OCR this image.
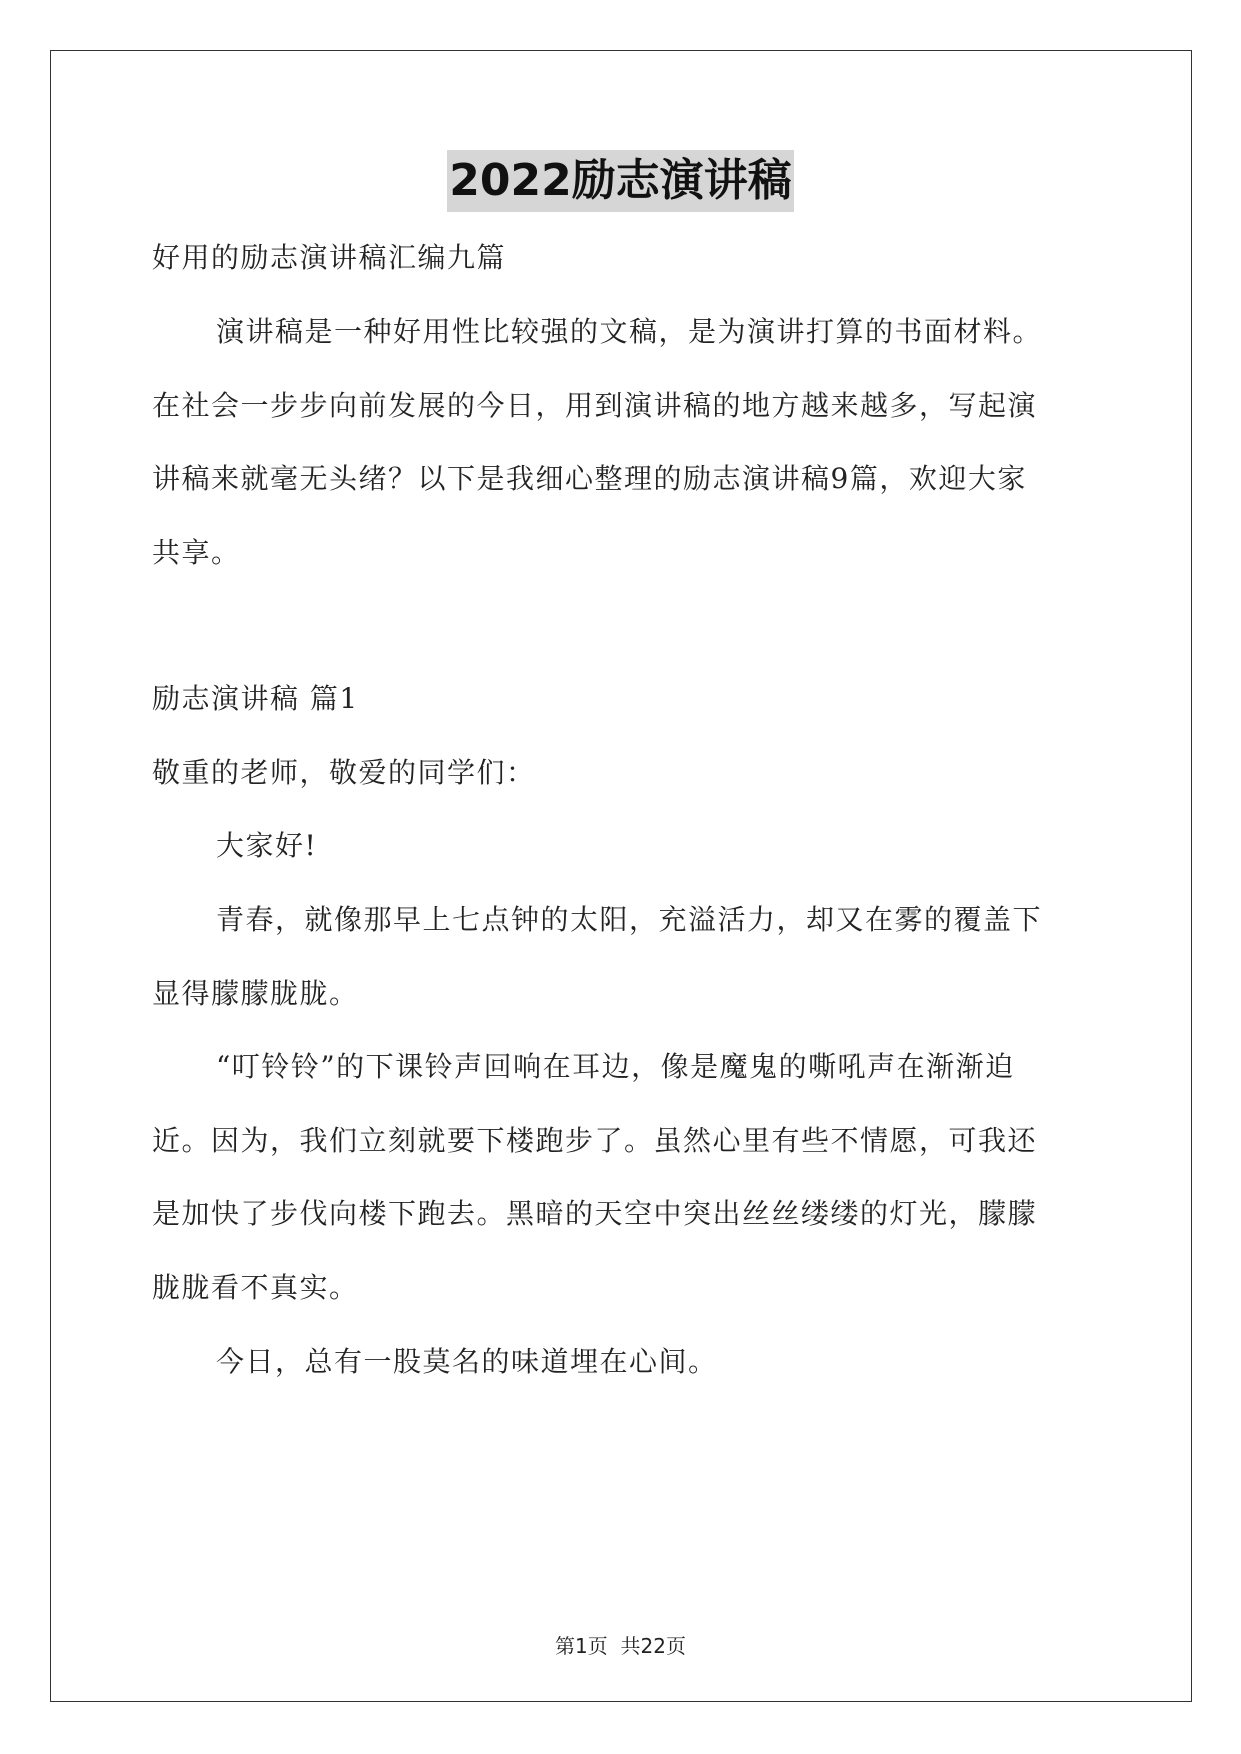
2022励志演讲稿
好用的励志演讲稿汇编九篇
演讲稿是一种好用性比较强的文稿，是为演讲打算的书面材料。
在社会一步步向前发展的今日，用到演讲稿的地方越来越多，写起演
讲稿来就毫无头绪？以下是我细心整理的励志演讲稿9篇，欢迎大家
共享。
励志演讲稿 篇1
敬重的老师，敬爱的同学们：
大家好!
青春，就像那早上七点钟的太阳，充溢活力，却又在雾的覆盖下
显得朦朦胧胧。
“叮铃铃”的下课铃声回响在耳边，像是魔鬼的嘶吼声在渐渐迫
近。因为，我们立刻就要下楼跑步了。虽然心里有些不情愿，可我还
是加快了步伐向楼下跑去。黑暗的天空中突出丝丝缕缕的灯光，朦朦
胧胧看不真实。
今日，总有一股莫名的味道埋在心间。
第1页  共22页
